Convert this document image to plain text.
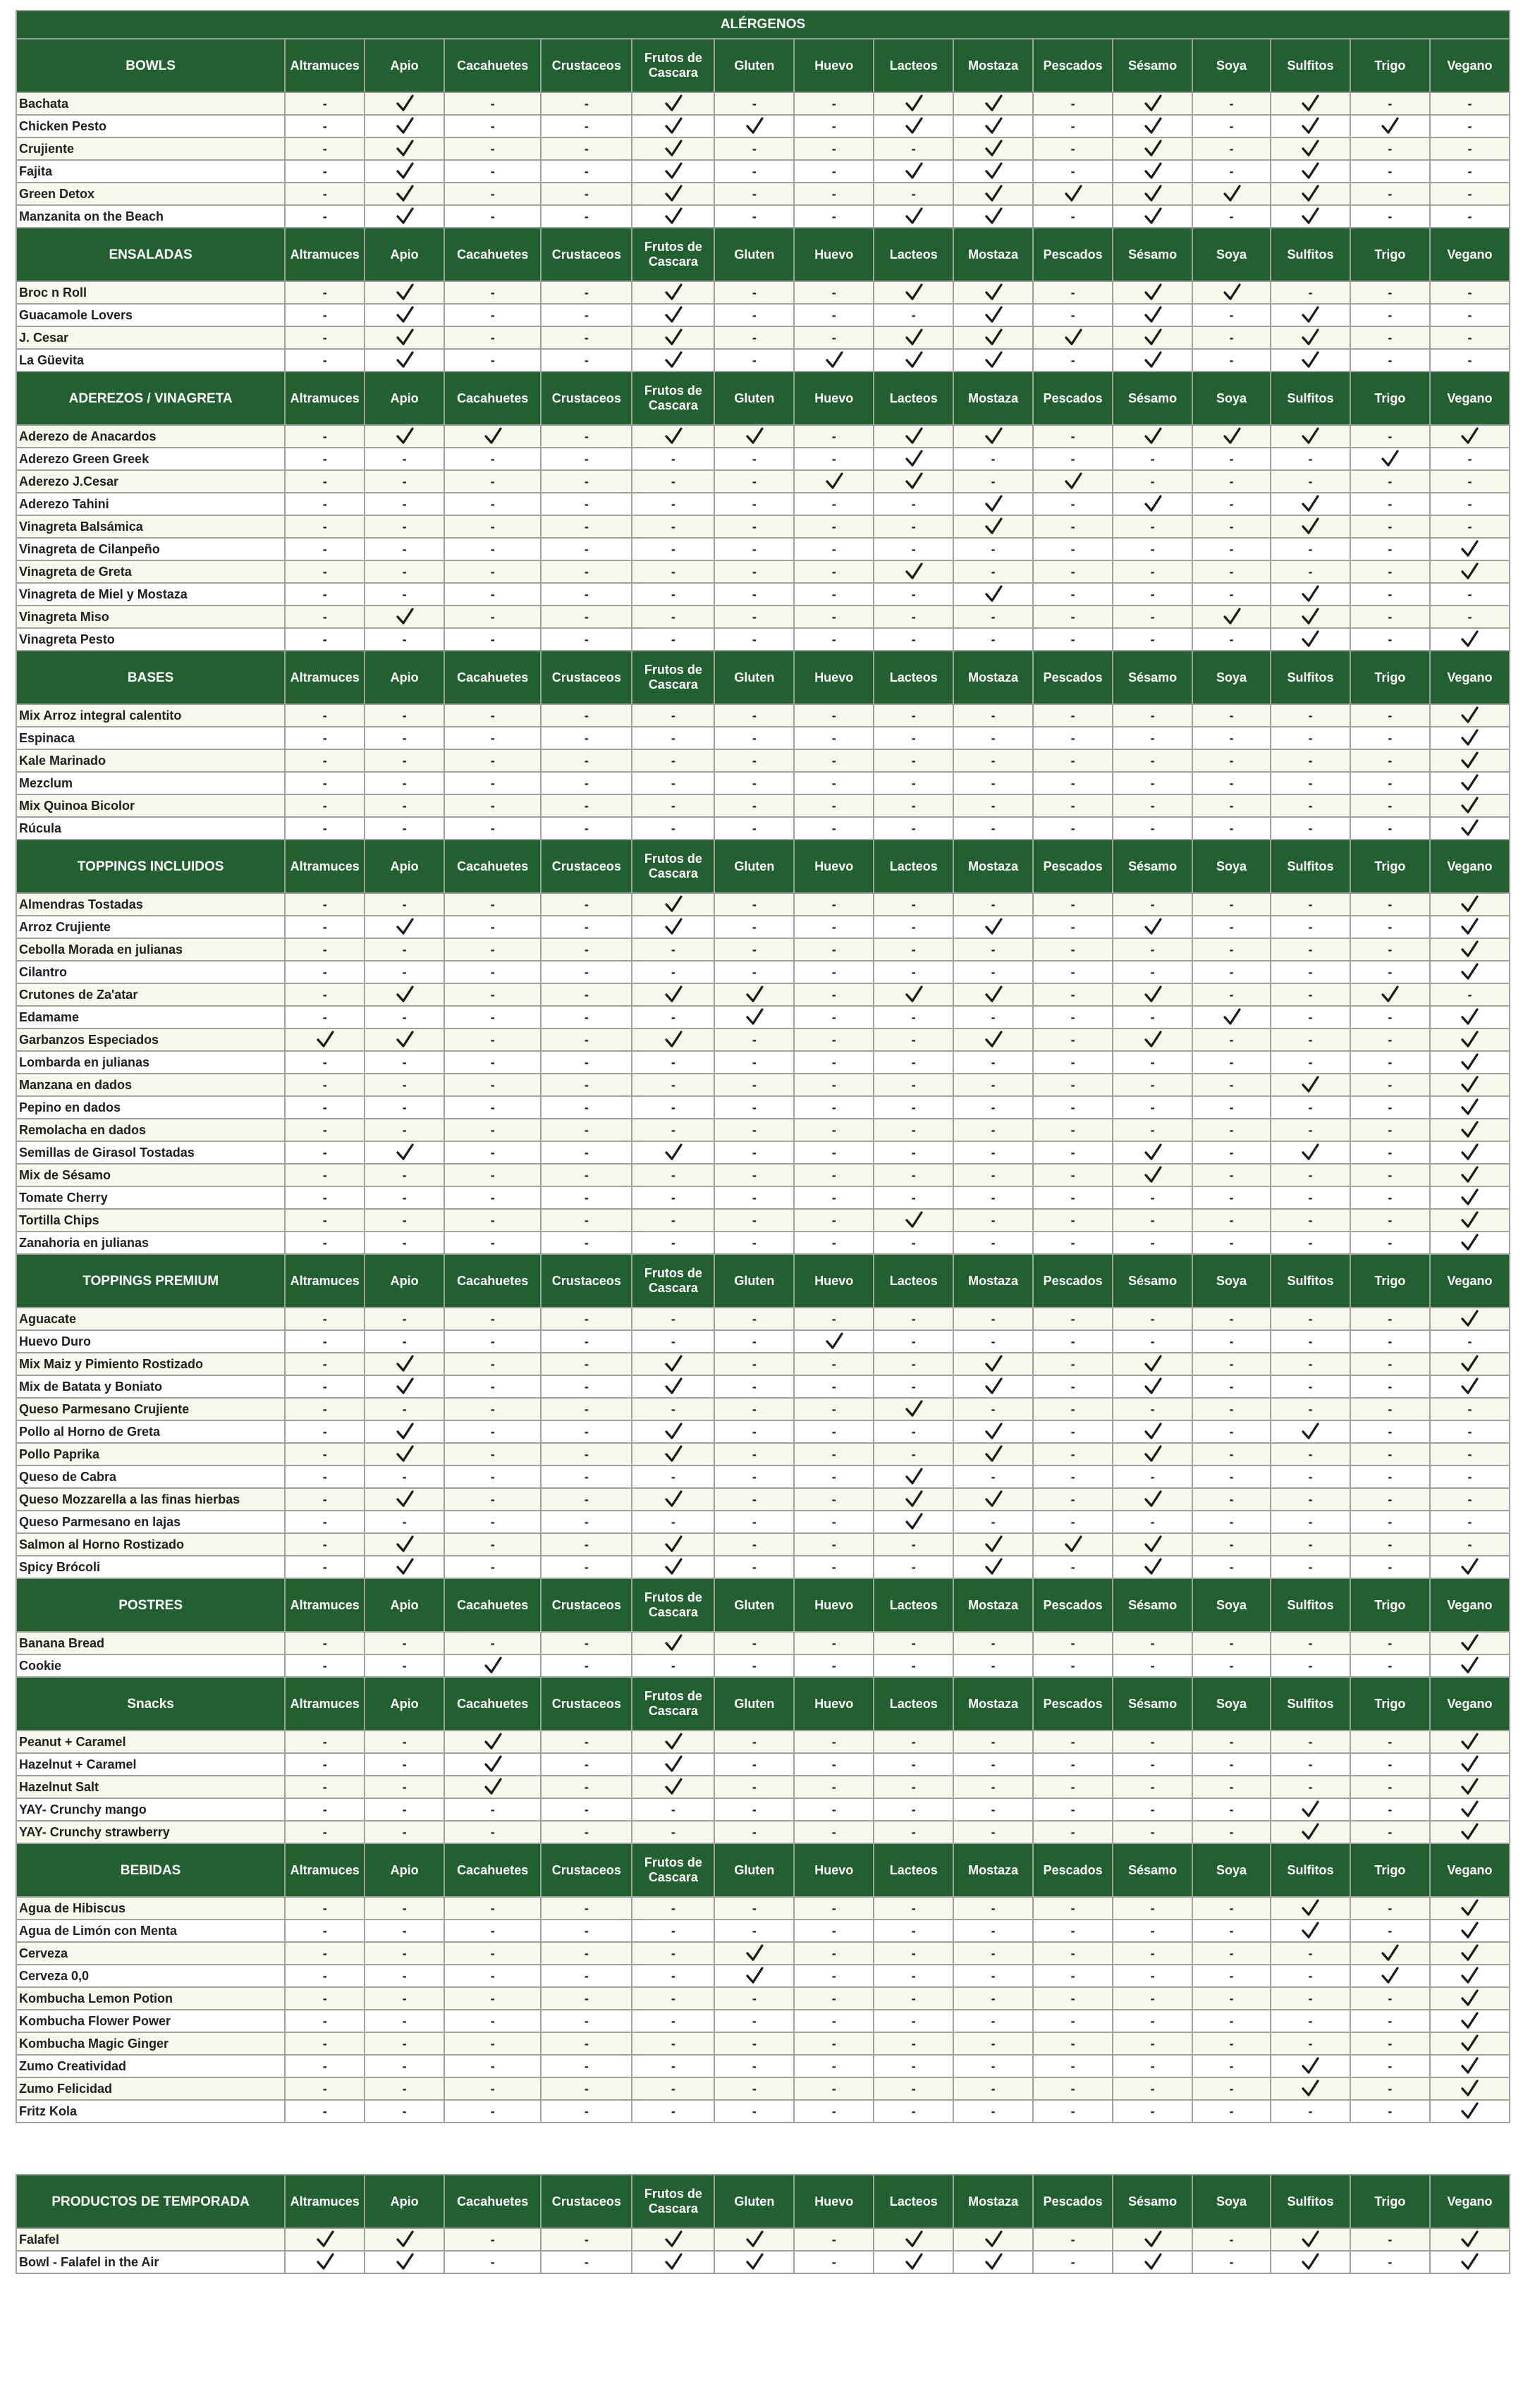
ALÉRGENOS															
BOWLS	Altramuces	Apio	Cacahuetes	Crustaceos	Frutos de Cascara	Gluten	Huevo	Lacteos	Mostaza	Pescados	Sésamo	Soya	Sulfitos	Trigo	Vegano
Bachata	-		-	-		-	-			-		-		-	-
Chicken Pesto	-		-	-			-			-		-			-
Crujiente	-		-	-		-	-	-		-		-		-	-
Fajita	-		-	-		-	-			-		-		-	-
Green Detox	-		-	-		-	-	-						-	-
Manzanita on the Beach	-		-	-		-	-			-		-		-	-
ENSALADAS	Altramuces	Apio	Cacahuetes	Crustaceos	Frutos de Cascara	Gluten	Huevo	Lacteos	Mostaza	Pescados	Sésamo	Soya	Sulfitos	Trigo	Vegano
Broc n Roll	-		-	-		-	-			-			-	-	-
Guacamole Lovers	-		-	-		-	-	-		-		-		-	-
J. Cesar	-		-	-		-	-					-		-	-
La Güevita	-		-	-		-				-		-		-	-
ADEREZOS / VINAGRETA	Altramuces	Apio	Cacahuetes	Crustaceos	Frutos de Cascara	Gluten	Huevo	Lacteos	Mostaza	Pescados	Sésamo	Soya	Sulfitos	Trigo	Vegano
Aderezo de Anacardos	-			-			-			-				-	

Aderezo Green Greek	-	-	-	-	-	-	-		-	-	-	-	-		-
Aderezo J.Cesar	-	-	-	-	-	-			-		-	-	-	-	-
Aderezo Tahini	-	-	-	-	-	-	-	-		-		-		-	-
Vinagreta Balsámica	-	-	-	-	-	-	-	-		-	-	-		-	-
Vinagreta de Cilanpeño	-	-	-	-	-	-	-	-	-	-	-	-	-	-	

Vinagreta de Greta	-	-	-	-	-	-	-		-	-	-	-	-	-	

Vinagreta de Miel y Mostaza	-	-	-	-	-	-	-	-		-	-	-		-	-
Vinagreta Miso	-		-	-	-	-	-	-	-	-	-			-	-
Vinagreta Pesto	-	-	-	-	-	-	-	-	-	-	-	-		-	

BASES	Altramuces	Apio	Cacahuetes	Crustaceos	Frutos de Cascara	Gluten	Huevo	Lacteos	Mostaza	Pescados	Sésamo	Soya	Sulfitos	Trigo	Vegano
Mix Arroz integral calentito	-	-	-	-	-	-	-	-	-	-	-	-	-	-	

Espinaca	-	-	-	-	-	-	-	-	-	-	-	-	-	-	

Kale Marinado	-	-	-	-	-	-	-	-	-	-	-	-	-	-	

Mezclum	-	-	-	-	-	-	-	-	-	-	-	-	-	-	

Mix Quinoa Bicolor	-	-	-	-	-	-	-	-	-	-	-	-	-	-	

Rúcula	-	-	-	-	-	-	-	-	-	-	-	-	-	-	

TOPPINGS INCLUIDOS	Altramuces	Apio	Cacahuetes	Crustaceos	Frutos de Cascara	Gluten	Huevo	Lacteos	Mostaza	Pescados	Sésamo	Soya	Sulfitos	Trigo	Vegano
Almendras Tostadas	-	-	-	-		-	-	-	-	-	-	-	-	-	

Arroz Crujiente	-		-	-		-	-	-		-		-	-	-	

Cebolla Morada en julianas	-	-	-	-	-	-	-	-	-	-	-	-	-	-	

Cilantro	-	-	-	-	-	-	-	-	-	-	-	-	-	-	

Crutones de Za'atar	-		-	-			-			-		-	-		-
Edamame	-	-	-	-	-		-	-	-	-	-		-	-	

Garbanzos Especiados			-	-		-	-	-		-		-	-	-	

Lombarda en julianas	-	-	-	-	-	-	-	-	-	-	-	-	-	-	

Manzana en dados	-	-	-	-	-	-	-	-	-	-	-	-		-	

Pepino en dados	-	-	-	-	-	-	-	-	-	-	-	-	-	-	

Remolacha en dados	-	-	-	-	-	-	-	-	-	-	-	-	-	-	

Semillas de Girasol Tostadas	-		-	-		-	-	-	-	-		-		-	

Mix de Sésamo	-	-	-	-	-	-	-	-	-	-		-	-	-	

Tomate Cherry	-	-	-	-	-	-	-	-	-	-	-	-	-	-	

Tortilla Chips	-	-	-	-	-	-	-		-	-	-	-	-	-	

Zanahoria en julianas	-	-	-	-	-	-	-	-	-	-	-	-	-	-	

TOPPINGS PREMIUM	Altramuces	Apio	Cacahuetes	Crustaceos	Frutos de Cascara	Gluten	Huevo	Lacteos	Mostaza	Pescados	Sésamo	Soya	Sulfitos	Trigo	Vegano
Aguacate	-	-	-	-	-	-	-	-	-	-	-	-	-	-	

Huevo Duro	-	-	-	-	-	-		-	-	-	-	-	-	-	-
Mix Maiz y Pimiento Rostizado	-		-	-		-	-	-		-		-	-	-	

Mix de Batata y Boniato	-		-	-		-	-	-		-		-	-	-	

Queso Parmesano Crujiente	-	-	-	-	-	-	-		-	-	-	-	-	-	-
Pollo al Horno de Greta	-		-	-		-	-	-		-		-		-	-
Pollo Paprika	-		-	-		-	-	-		-		-	-	-	-
Queso de Cabra	-	-	-	-	-	-	-		-	-	-	-	-	-	-
Queso Mozzarella a las finas hierbas	-		-	-		-	-			-		-	-	-	-
Queso Parmesano en lajas	-	-	-	-	-	-	-		-	-	-	-	-	-	-
Salmon al Horno Rostizado	-		-	-		-	-	-				-	-	-	-
Spicy Brócoli	-		-	-		-	-	-		-		-	-	-	

POSTRES	Altramuces	Apio	Cacahuetes	Crustaceos	Frutos de Cascara	Gluten	Huevo	Lacteos	Mostaza	Pescados	Sésamo	Soya	Sulfitos	Trigo	Vegano
Banana Bread	-	-	-	-		-	-	-	-	-	-	-	-	-	

Cookie	-	-		-	-	-	-	-	-	-	-	-	-	-	

Snacks	Altramuces	Apio	Cacahuetes	Crustaceos	Frutos de Cascara	Gluten	Huevo	Lacteos	Mostaza	Pescados	Sésamo	Soya	Sulfitos	Trigo	Vegano
Peanut + Caramel	-	-		-		-	-	-	-	-	-	-	-	-	

Hazelnut + Caramel	-	-		-		-	-	-	-	-	-	-	-	-	

Hazelnut Salt	-	-		-		-	-	-	-	-	-	-	-	-	

YAY- Crunchy mango	-	-	-	-	-	-	-	-	-	-	-	-		-	

YAY- Crunchy strawberry	-	-	-	-	-	-	-	-	-	-	-	-		-	

BEBIDAS	Altramuces	Apio	Cacahuetes	Crustaceos	Frutos de Cascara	Gluten	Huevo	Lacteos	Mostaza	Pescados	Sésamo	Soya	Sulfitos	Trigo	Vegano
Agua de Hibiscus	-	-	-	-	-	-	-	-	-	-	-	-		-	

Agua de Limón con Menta	-	-	-	-	-	-	-	-	-	-	-	-		-	

Cerveza	-	-	-	-	-		-	-	-	-	-	-	-	

Cerveza 0,0	-	-	-	-	-		-	-	-	-	-	-	-	

Kombucha Lemon Potion	-	-	-	-	-	-	-	-	-	-	-	-	-	-	

Kombucha Flower Power	-	-	-	-	-	-	-	-	-	-	-	-	-	-	

Kombucha Magic Ginger	-	-	-	-	-	-	-	-	-	-	-	-	-	-	

Zumo Creatividad	-	-	-	-	-	-	-	-	-	-	-	-		-	

Zumo Felicidad	-	-	-	-	-	-	-	-	-	-	-	-		-	

Fritz Kola	-	-	-	-	-	-	-	-	-	-	-	-	-	-	

PRODUCTOS DE TEMPORADA	Altramuces	Apio	Cacahuetes	Crustaceos	Frutos de Cascara	Gluten	Huevo	Lacteos	Mostaza	Pescados	Sésamo	Soya	Sulfitos	Trigo	Vegano
Falafel			-	-			-			-		-		-	

Bowl - Falafel in the Air			-	-			-			-		-		-	
